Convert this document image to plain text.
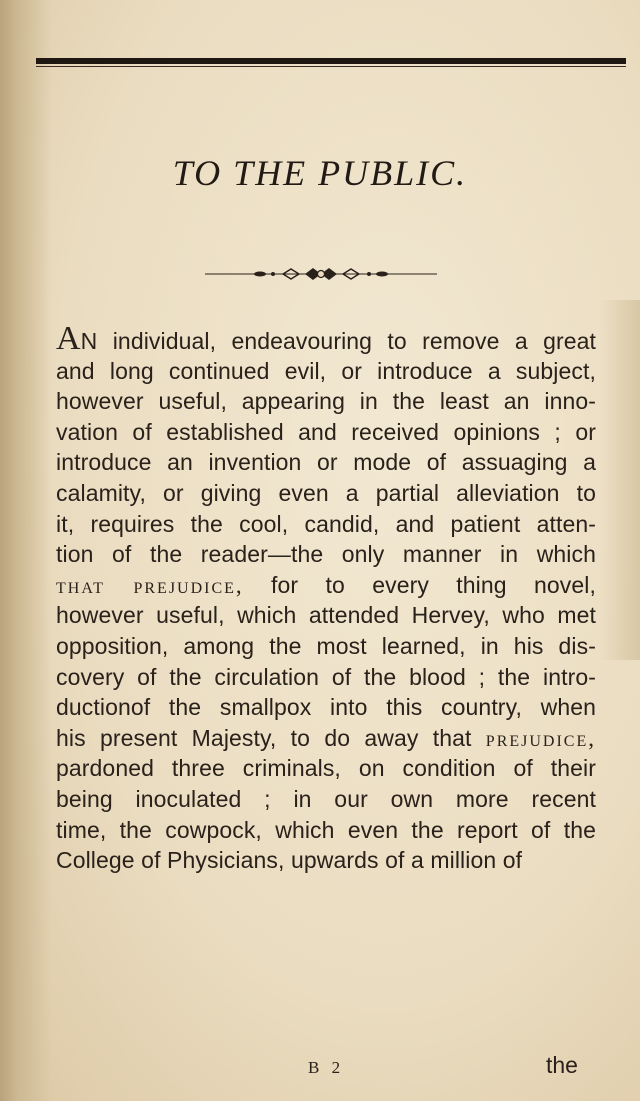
TO THE PUBLIC.
AN individual, endeavouring to remove a great
and long continued evil, or introduce a subject,
however useful, appearing in the least an inno-
vation of established and received opinions ; or
introduce an invention or mode of assuaging a
calamity, or giving even a partial alleviation to
it, requires the cool, candid, and patient atten-
tion of the reader—the only manner in which
that prejudice, for to every thing novel,
however useful, which attended Hervey, who met
opposition, among the most learned, in his dis-
covery of the circulation of the blood ; the intro-
ductionof the smallpox into this country, when
his present Majesty, to do away that prejudice,
pardoned three criminals, on condition of their
being inoculated ; in our own more recent
time, the cowpock, which even the report of the
College of Physicians, upwards of a million of
B 2	the
